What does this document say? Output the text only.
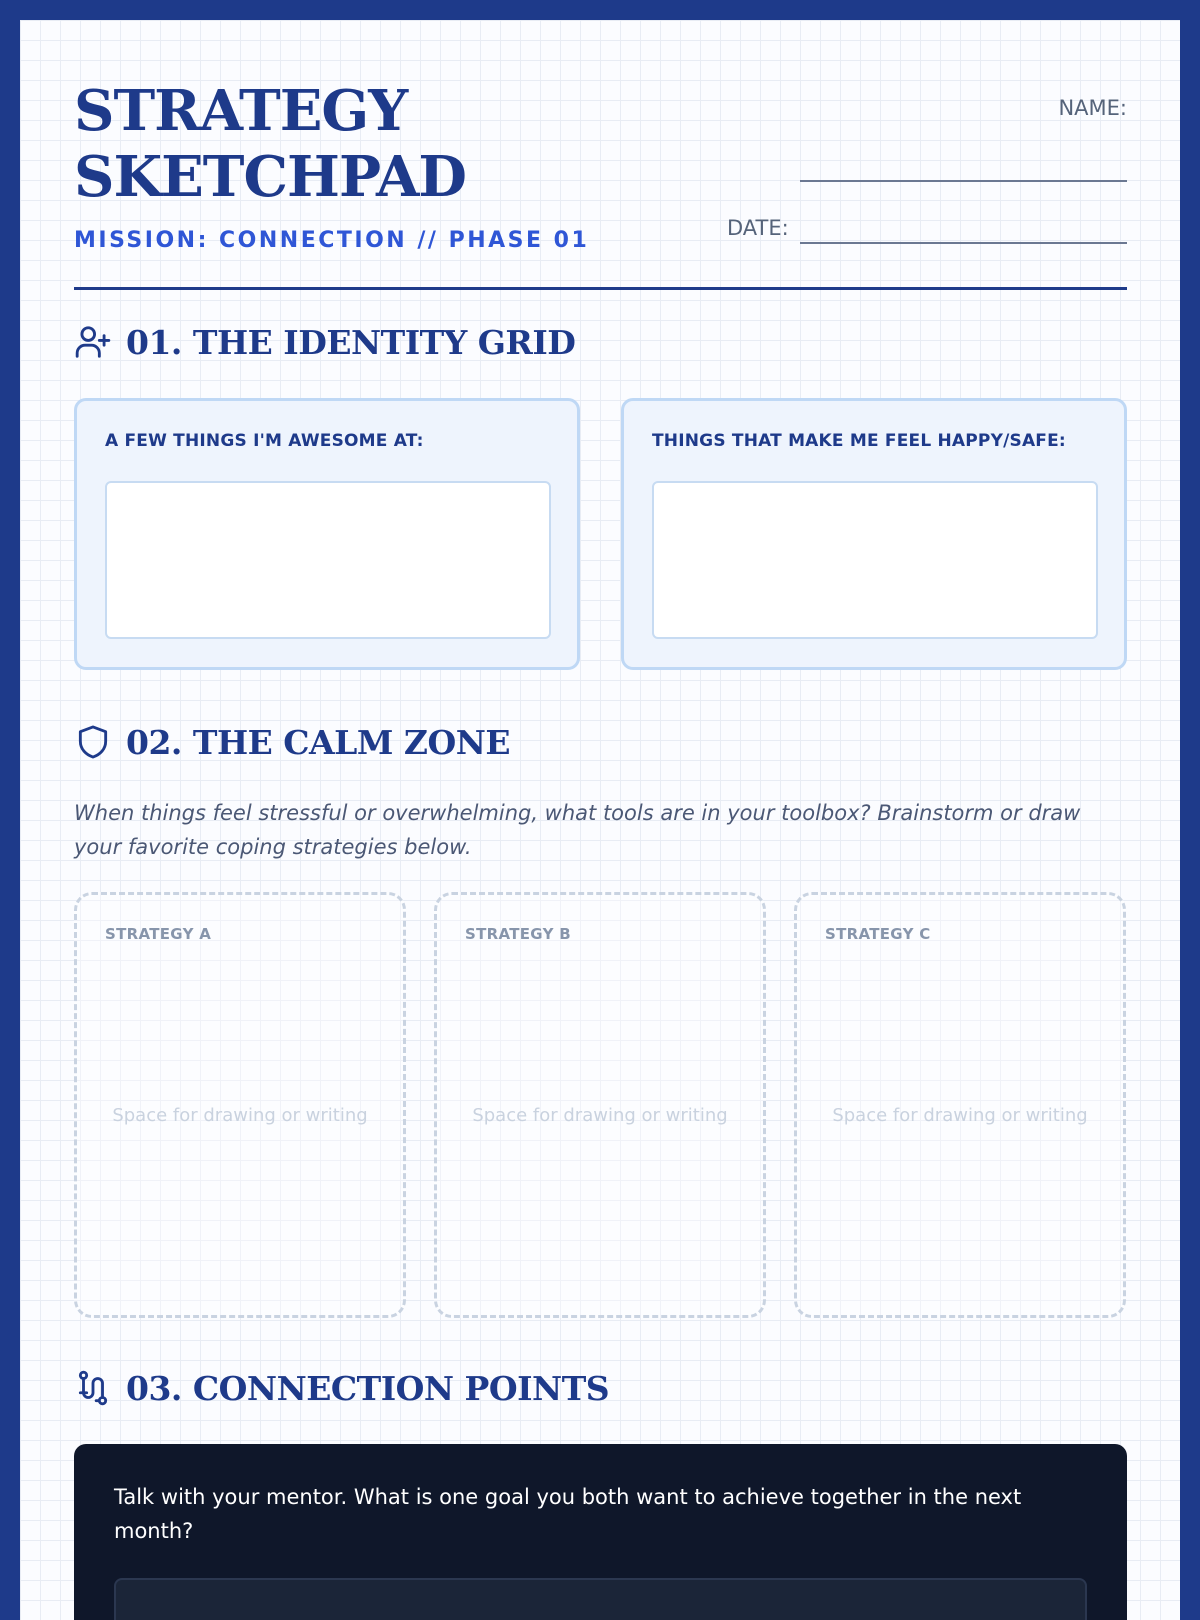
STRATEGY
SKETCHPAD
MISSION: CONNECTION // PHASE 01
NAME:
DATE:
01. THE IDENTITY GRID
A FEW THINGS I'M AWESOME AT:	THINGS THAT MAKE ME FEEL HAPPY/SAFE:
02. THE CALM ZONE

When things feel stressful or overwhelming, what tools are in your toolbox? Brainstorm or draw your favorite coping strategies below.

STRATEGY A
Space for drawing or writing
STRATEGY B
Space for drawing or writing
STRATEGY C
Space for drawing or writing
03. CONNECTION POINTS
Talk with your mentor. What is one goal you both want to achieve together in the next month?
